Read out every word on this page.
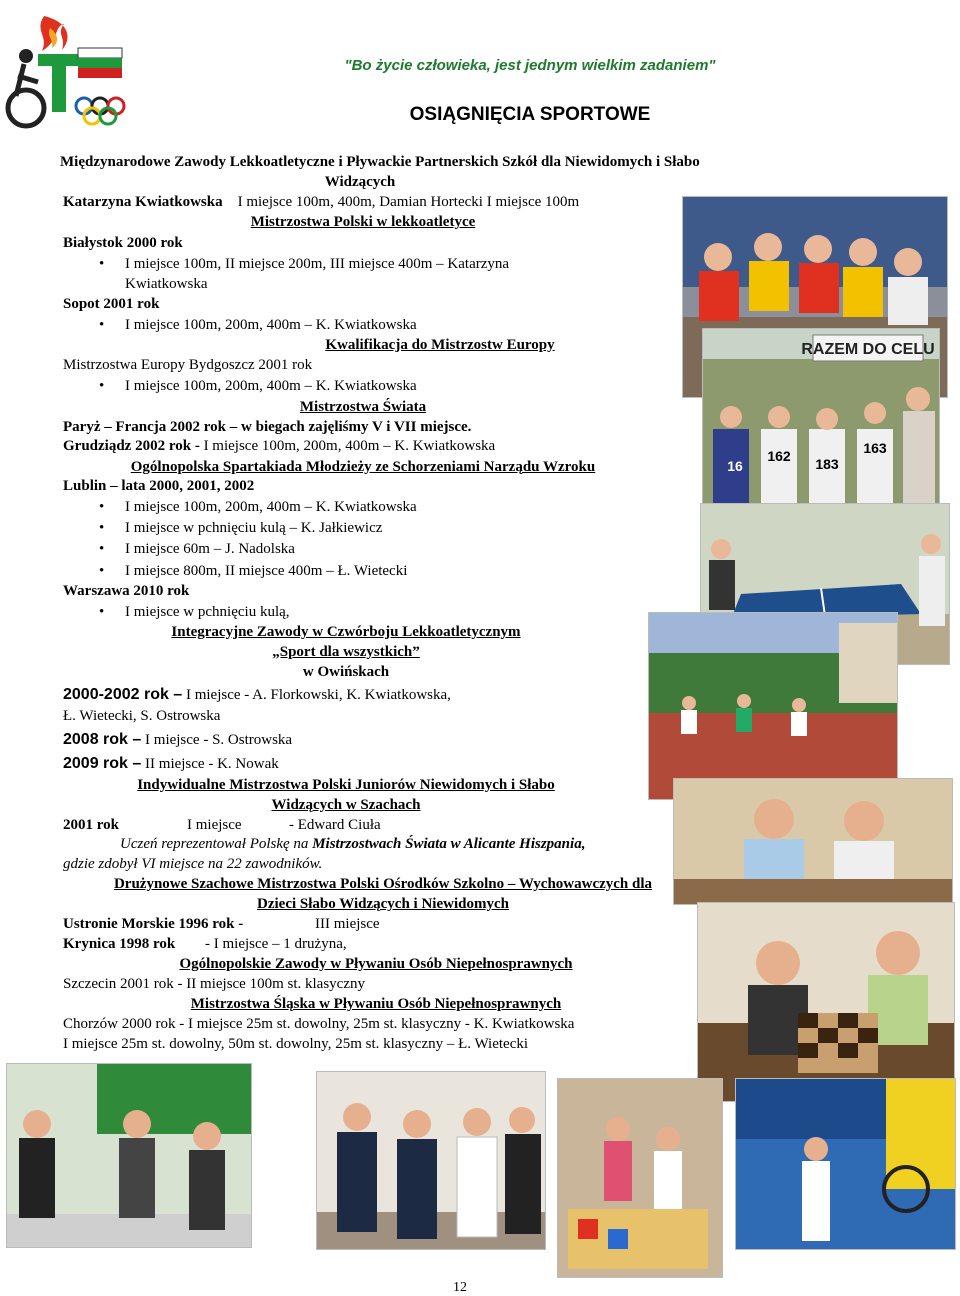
"Bo życie człowieka, jest jednym wielkim zadaniem"
OSIĄGNIĘCIA SPORTOWE
RAZEM DO CELU
162 183
163
16
Międzynarodowe Zawody Lekkoatletyczne i Pływackie Partnerskich Szkół dla Niewidomych i Słabo
Widzących
Katarzyna Kwiatkowska I miejsce 100m, 400m, Damian Hortecki I miejsce 100m
Mistrzostwa Polski w lekkoatletyce
Białystok 2000 rok
• I miejsce 100m, II miejsce 200m, III miejsce 400m – Katarzyna
Kwiatkowska
Sopot 2001 rok
• I miejsce 100m, 200m, 400m – K. Kwiatkowska
Kwalifikacja do Mistrzostw Europy
Mistrzostwa Europy Bydgoszcz 2001 rok
• I miejsce 100m, 200m, 400m – K. Kwiatkowska
Mistrzostwa Świata
Paryż – Francja 2002 rok – w biegach zajęliśmy V i VII miejsce.
Grudziądz 2002 rok - I miejsce 100m, 200m, 400m – K. Kwiatkowska
Ogólnopolska Spartakiada Młodzieży ze Schorzeniami Narządu Wzroku
Lublin – lata 2000, 2001, 2002
• I miejsce 100m, 200m, 400m – K. Kwiatkowska
• I miejsce w pchnięciu kulą – K. Jałkiewicz
• I miejsce 60m – J. Nadolska
• I miejsce 800m, II miejsce 400m – Ł. Wietecki
Warszawa 2010 rok
• I miejsce w pchnięciu kulą,
Integracyjne Zawody w Czwórboju Lekkoatletycznym
„Sport dla wszystkich”
w Owińskach
2000-2002 rok – I miejsce - A. Florkowski, K. Kwiatkowska,
Ł. Wietecki, S. Ostrowska
2008 rok – I miejsce - S. Ostrowska
2009 rok – II miejsce - K. Nowak
Indywidualne Mistrzostwa Polski Juniorów Niewidomych i Słabo
Widzących w Szachach
2001 rok	I miejsce	- Edward Ciuła
Uczeń reprezentował Polskę na Mistrzostwach Świata w Alicante Hiszpania,
gdzie zdobył VI miejsce na 22 zawodników.
Drużynowe Szachowe Mistrzostwa Polski Ośrodków Szkolno – Wychowawczych dla
Dzieci Słabo Widzących i Niewidomych
Ustronie Morskie 1996 rok -	III miejsce
Krynica 1998 rok - I miejsce – 1 drużyna,
Ogólnopolskie Zawody w Pływaniu Osób Niepełnosprawnych
Szczecin 2001 rok - II miejsce 100m st. klasyczny
Mistrzostwa Śląska w Pływaniu Osób Niepełnosprawnych
Chorzów 2000 rok - I miejsce 25m st. dowolny, 25m st. klasyczny - K. Kwiatkowska
I miejsce 25m st. dowolny, 50m st. dowolny, 25m st. klasyczny – Ł. Wietecki
12
